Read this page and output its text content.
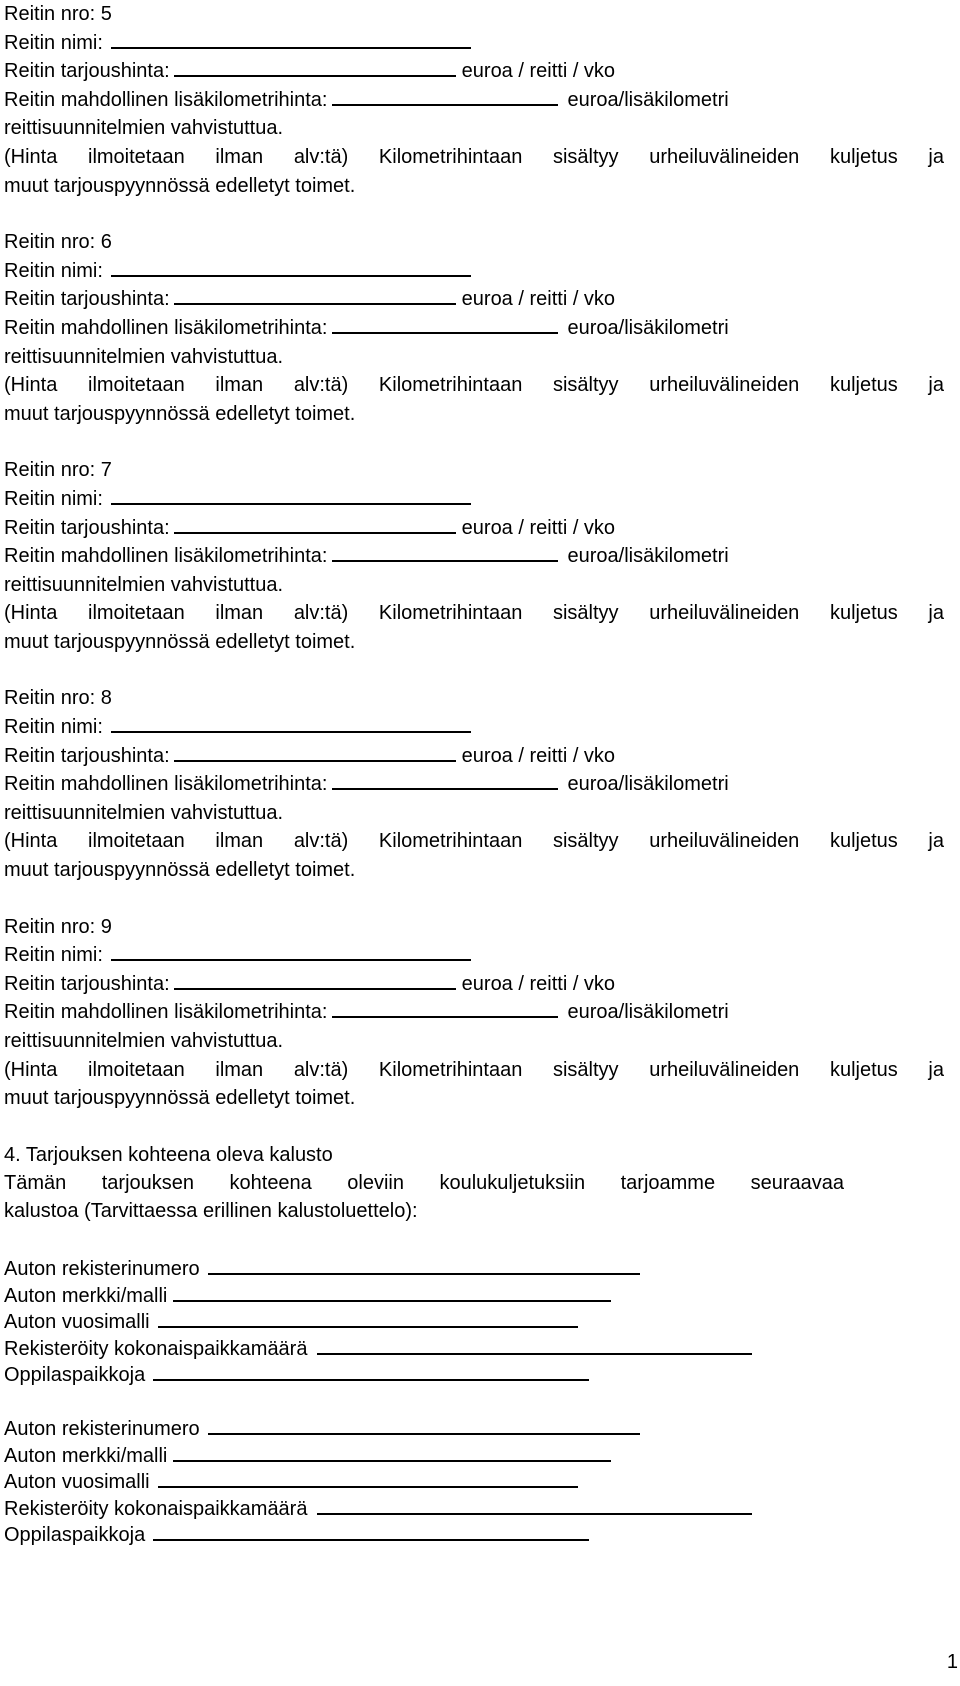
Reitin nro: 5
Reitin nimi:
Reitin tarjoushinta:	euroa / reitti / vko
Reitin mahdollinen lisäkilometrihinta:	euroa/lisäkilometri
reittisuunnitelmien vahvistuttua.
(Hinta ilmoitetaan ilman alv:tä) Kilometrihintaan sisältyy urheiluvälineiden kuljetus ja
muut tarjouspyynnössä edelletyt toimet.
Reitin nro: 6
Reitin nimi:
Reitin tarjoushinta:	euroa / reitti / vko
Reitin mahdollinen lisäkilometrihinta:	euroa/lisäkilometri
reittisuunnitelmien vahvistuttua.
(Hinta ilmoitetaan ilman alv:tä) Kilometrihintaan sisältyy urheiluvälineiden kuljetus ja
muut tarjouspyynnössä edelletyt toimet.
Reitin nro: 7
Reitin nimi:
Reitin tarjoushinta:	euroa / reitti / vko
Reitin mahdollinen lisäkilometrihinta:	euroa/lisäkilometri
reittisuunnitelmien vahvistuttua.
(Hinta ilmoitetaan ilman alv:tä) Kilometrihintaan sisältyy urheiluvälineiden kuljetus ja
muut tarjouspyynnössä edelletyt toimet.
Reitin nro: 8
Reitin nimi:
Reitin tarjoushinta:	euroa / reitti / vko
Reitin mahdollinen lisäkilometrihinta:	euroa/lisäkilometri
reittisuunnitelmien vahvistuttua.
(Hinta ilmoitetaan ilman alv:tä) Kilometrihintaan sisältyy urheiluvälineiden kuljetus ja
muut tarjouspyynnössä edelletyt toimet.
Reitin nro: 9
Reitin nimi:
Reitin tarjoushinta:	euroa / reitti / vko
Reitin mahdollinen lisäkilometrihinta:	euroa/lisäkilometri
reittisuunnitelmien vahvistuttua.
(Hinta ilmoitetaan ilman alv:tä) Kilometrihintaan sisältyy urheiluvälineiden kuljetus ja
muut tarjouspyynnössä edelletyt toimet.
4. Tarjouksen kohteena oleva kalusto
Tämän tarjouksen kohteena oleviin koulukuljetuksiin tarjoamme seuraavaa
kalustoa (Tarvittaessa erillinen kalustoluettelo):
Auton rekisterinumero
Auton merkki/malli
Auton vuosimalli
Rekisteröity kokonaispaikkamäärä
Oppilaspaikkoja
Auton rekisterinumero
Auton merkki/malli
Auton vuosimalli
Rekisteröity kokonaispaikkamäärä
Oppilaspaikkoja
1
